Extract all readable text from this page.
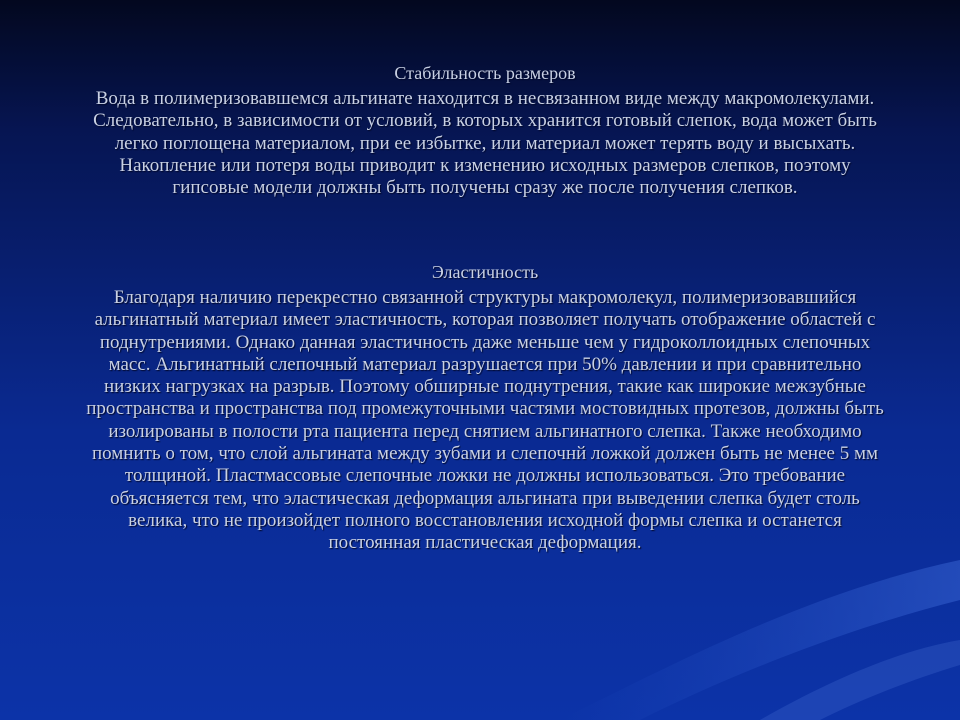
Стабильность размеров

Вода в полимеризовавшемся альгинате находится в несвязанном виде между макромолекулами. Следовательно, в зависимости от условий, в которых хранится готовый слепок, вода может быть легко поглощена материалом, при ее избытке, или материал может терять воду и высыхать. Накопление или потеря воды приводит к изменению исходных размеров слепков, поэтому гипсовые модели должны быть получены сразу же после получения слепков.

Эластичность

Благодаря наличию перекрестно связанной структуры макромолекул, полимеризовавшийся альгинатный материал имеет эластичность, которая позволяет получать отображение областей с поднутрениями. Однако данная эластичность даже меньше чем у гидроколлоидных слепочных масс. Альгинатный слепочный материал разрушается при 50% давлении и при сравнительно низких нагрузках на разрыв. Поэтому обширные поднутрения, такие как широкие межзубные пространства и пространства под промежуточными частями мостовидных протезов, должны быть изолированы в полости рта пациента перед снятием альгинатного слепка. Также необходимо помнить о том, что слой альгината между зубами и слепочнй ложкой должен быть не менее 5 мм толщиной. Пластмассовые слепочные ложки не должны использоваться. Это требование объясняется тем, что эластическая деформация альгината при выведении слепка будет столь велика, что не произойдет полного восстановления исходной формы слепка и останется постоянная пластическая деформация.
